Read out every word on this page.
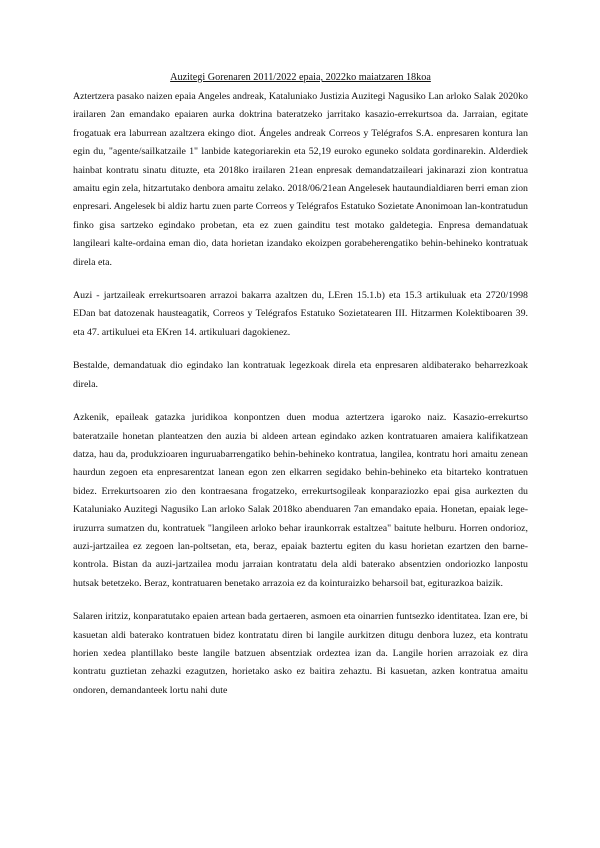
Auzitegi Gorenaren 2011/2022 epaia, 2022ko maiatzaren 18koa

Aztertzera pasako naizen epaia Angeles andreak, Kataluniako Justizia Auzitegi Nagusiko Lan arloko Salak 2020ko irailaren 2an emandako epaiaren aurka doktrina bateratzeko jarritako kasazio-errekurtsoa da. Jarraian, egitate frogatuak era laburrean azaltzera ekingo diot. Ángeles andreak Correos y Telégrafos S.A. enpresaren kontura lan egin du, "agente/sailkatzaile 1" lanbide kategoriarekin eta 52,19 euroko eguneko soldata gordinarekin. Alderdiek hainbat kontratu sinatu dituzte, eta 2018ko irailaren 21ean enpresak demandatzaileari jakinarazi zion kontratua amaitu egin zela, hitzartutako denbora amaitu zelako. 2018/06/21ean Angelesek hautaundialdiaren berri eman zion enpresari. Angelesek bi aldiz hartu zuen parte Correos y Telégrafos Estatuko Sozietate Anonimoan lan-kontratudun finko gisa sartzeko egindako probetan, eta ez zuen gainditu test motako galdetegia. Enpresa demandatuak langileari kalte-ordaina eman dio, data horietan izandako ekoizpen gorabeherengatiko behin-behineko kontratuak direla eta.

Auzi - jartzaileak errekurtsoaren arrazoi bakarra azaltzen du, LEren 15.1.b) eta 15.3 artikuluak eta 2720/1998 EDan bat datozenak hausteagatik, Correos y Telégrafos Estatuko Sozietatearen III. Hitzarmen Kolektiboaren 39. eta 47. artikuluei eta EKren 14. artikuluari dagokienez.

Bestalde, demandatuak dio egindako lan kontratuak legezkoak direla eta enpresaren aldibaterako beharrezkoak direla.

Azkenik, epaileak gatazka juridikoa konpontzen duen modua aztertzera igaroko naiz. Kasazio-errekurtso bateratzaile honetan planteatzen den auzia bi aldeen artean egindako azken kontratuaren amaiera kalifikatzean datza, hau da, produkzioaren inguruabarrengatiko behin-behineko kontratua, langilea, kontratu hori amaitu zenean haurdun zegoen eta enpresarentzat lanean egon zen elkarren segidako behin-behineko eta bitarteko kontratuen bidez. Errekurtsoaren zio den kontraesana frogatzeko, errekurtsogileak konparaziozko epai gisa aurkezten du Kataluniako Auzitegi Nagusiko Lan arloko Salak 2018ko abenduaren 7an emandako epaia. Honetan, epaiak lege-iruzurra sumatzen du, kontratuek "langileen arloko behar iraunkorrak estaltzea" baitute helburu. Horren ondorioz, auzi-jartzailea ez zegoen lan-poltsetan, eta, beraz, epaiak baztertu egiten du kasu horietan ezartzen den barne-kontrola. Bistan da auzi-jartzailea modu jarraian kontratatu dela aldi baterako absentzien ondoriozko lanpostu hutsak betetzeko. Beraz, kontratuaren benetako arrazoia ez da kointuraizko beharsoil bat, egiturazkoa baizik.

Salaren iritziz, konparatutako epaien artean bada gertaeren, asmoen eta oinarrien funtsezko identitatea. Izan ere, bi kasuetan aldi baterako kontratuen bidez kontratatu diren bi langile aurkitzen ditugu denbora luzez, eta kontratu horien xedea plantillako beste langile batzuen absentziak ordeztea izan da. Langile horien arrazoiak ez dira kontratu guztietan zehazki ezagutzen, horietako asko ez baitira zehaztu. Bi kasuetan, azken kontratua amaitu ondoren, demandanteek lortu nahi dute
